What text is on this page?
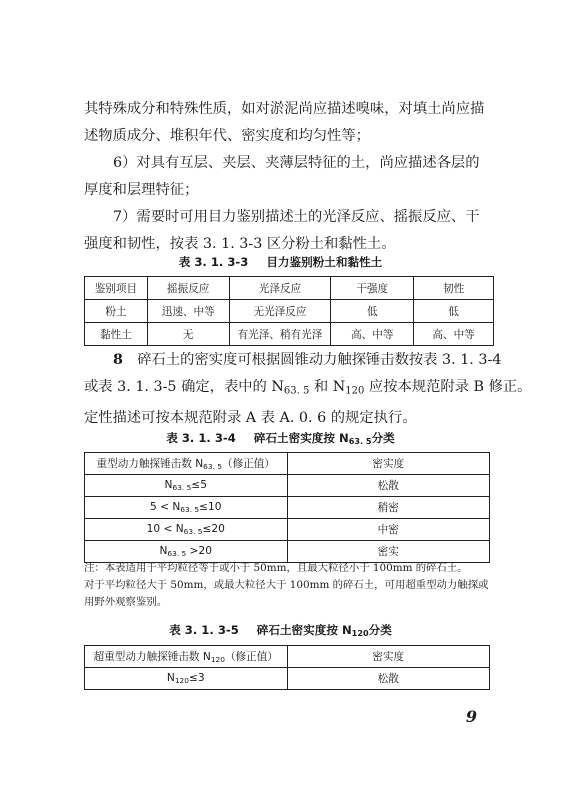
其特殊成分和特殊性质，如对淤泥尚应描述嗅味，对填土尚应描
述物质成分、堆积年代、密实度和均匀性等；
6）对具有互层、夹层、夹薄层特征的土，尚应描述各层的
厚度和层理特征；
7）需要时可用目力鉴别描述土的光泽反应、摇振反应、干
强度和韧性，按表 3. 1. 3-3 区分粉土和黏性土。
表 3. 1. 3-3 目力鉴别粉土和黏性土
鉴别项目	摇振反应	光泽反应	干强度	韧性
粉土	迅速、中等	无光泽反应	低	低
黏性土	无	有光泽、稍有光泽	高、中等	高、中等
8　 碎石土的密实度可根据圆锥动力触探锤击数按表 3. 1. 3-4
或表 3. 1. 3-5 确定，表中的 $N_{63. 5}$ 和 $N_{120}$ 应按本规范附录 B 修正。
定性描述可按本规范附录 A 表 A. 0. 6 的规定执行。
表 3. 1. 3-4 碎石土密实度按 $N_{63. 5}$分类
重型动力触探锤击数 $N_{63. 5}$（修正值）	密实度
$N_{63. 5}\le 5$	松散
$5 < N_{63. 5}\le 10$	稍密
$10 < N_{63. 5}\le 20$	中密
$N_{63. 5} >20$	密实
注：本表适用于平均粒径等于或小于 50mm，且最大粒径小于 100mm 的碎石土。
对于平均粒径大于 50mm，或最大粒径大于 100mm 的碎石土，可用超重型动力触探或
用野外观察鉴别。
表 3. 1. 3-5 碎石土密实度按 $N_{120}$分类
超重型动力触探锤击数 $N_{120}$（修正值）	密实度
$N_{120}\le 3$	松散
9
